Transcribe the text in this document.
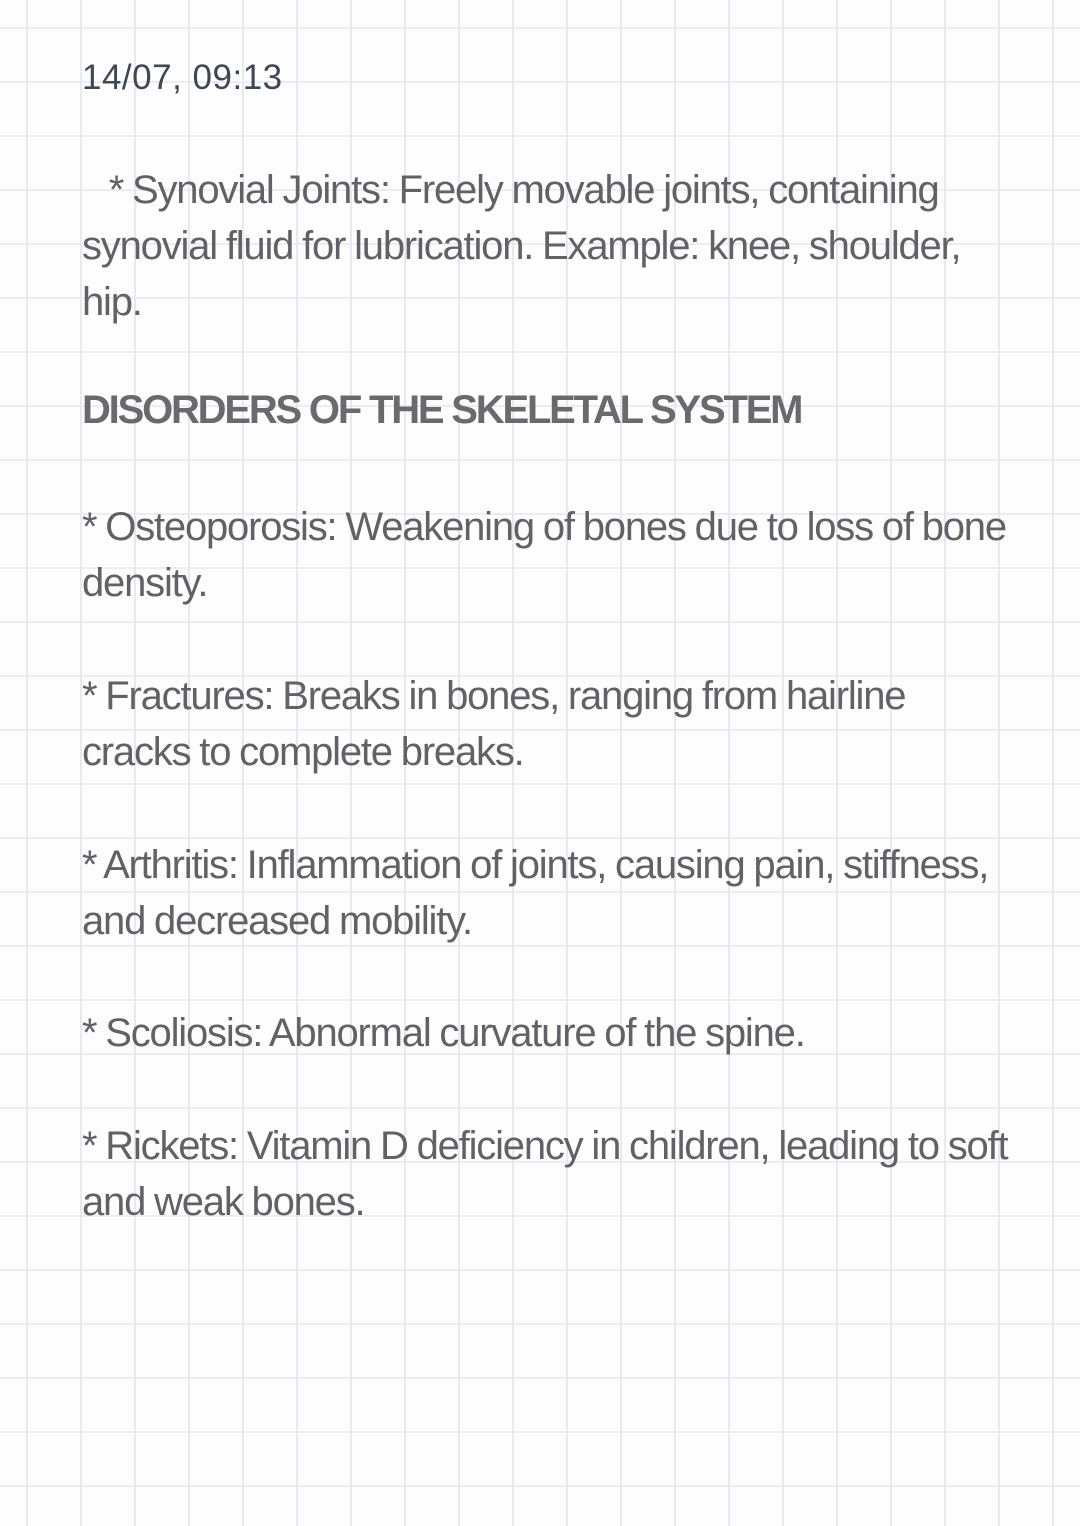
14/07, 09:13
* Synovial Joints: Freely movable joints, containing synovial fluid for lubrication. Example: knee, shoulder, hip.
DISORDERS OF THE SKELETAL SYSTEM
* Osteoporosis: Weakening of bones due to loss of bone density.
* Fractures: Breaks in bones, ranging from hairline cracks to complete breaks.
* Arthritis: Inflammation of joints, causing pain, stiffness, and decreased mobility.
* Scoliosis: Abnormal curvature of the spine.
* Rickets: Vitamin D deficiency in children, leading to soft and weak bones.
